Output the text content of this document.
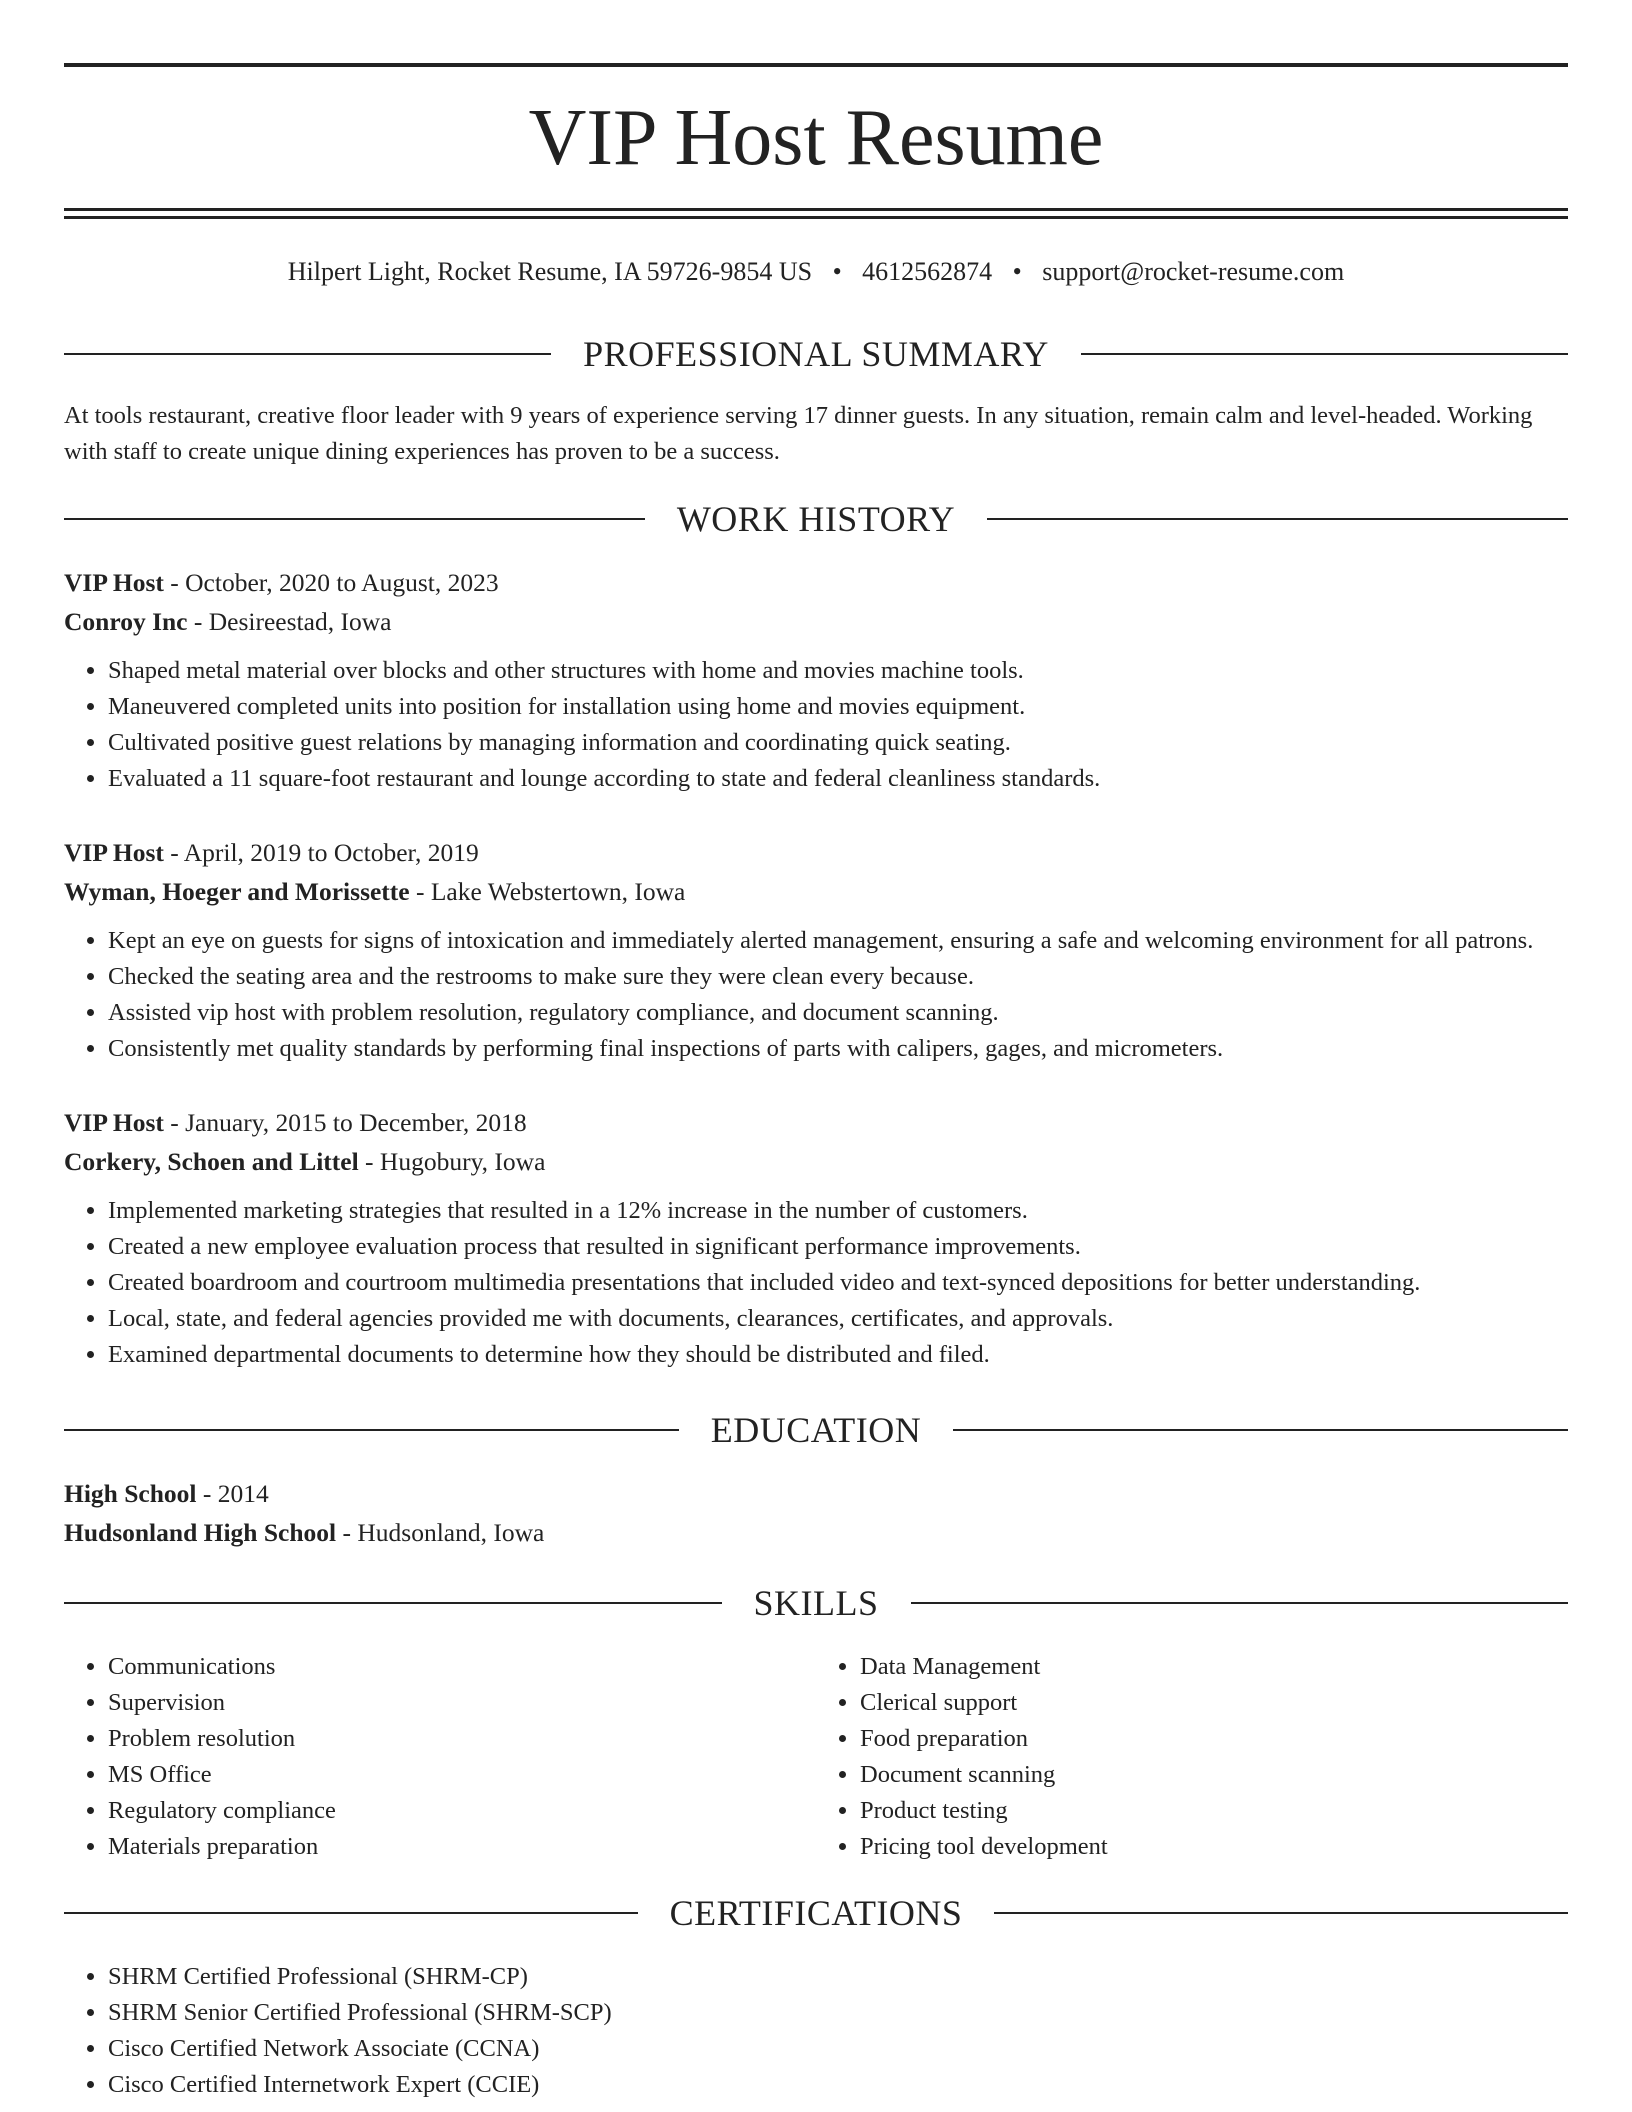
VIP Host Resume
Hilpert Light, Rocket Resume, IA 59726-9854 US • 4612562874 • support@rocket-resume.com
PROFESSIONAL SUMMARY

At tools restaurant, creative floor leader with 9 years of experience serving 17 dinner guests. In any situation, remain calm and level-headed. Working with staff to create unique dining experiences has proven to be a success.

WORK HISTORY

VIP Host - October, 2020 to August, 2023

Conroy Inc - Desireestad, Iowa

• Shaped metal material over blocks and other structures with home and movies machine tools.
• Maneuvered completed units into position for installation using home and movies equipment.
• Cultivated positive guest relations by managing information and coordinating quick seating.
• Evaluated a 11 square-foot restaurant and lounge according to state and federal cleanliness standards.

VIP Host - April, 2019 to October, 2019

Wyman, Hoeger and Morissette - Lake Webstertown, Iowa

• Kept an eye on guests for signs of intoxication and immediately alerted management, ensuring a safe and welcoming environment for all patrons.
• Checked the seating area and the restrooms to make sure they were clean every because.
• Assisted vip host with problem resolution, regulatory compliance, and document scanning.
• Consistently met quality standards by performing final inspections of parts with calipers, gages, and micrometers.

VIP Host - January, 2015 to December, 2018

Corkery, Schoen and Littel - Hugobury, Iowa

• Implemented marketing strategies that resulted in a 12% increase in the number of customers.
• Created a new employee evaluation process that resulted in significant performance improvements.
• Created boardroom and courtroom multimedia presentations that included video and text-synced depositions for better understanding.
• Local, state, and federal agencies provided me with documents, clearances, certificates, and approvals.
• Examined departmental documents to determine how they should be distributed and filed.
EDUCATION

High School - 2014

Hudsonland High School - Hudsonland, Iowa

SKILLS
• Communications
• Supervision
• Problem resolution
• MS Office
• Regulatory compliance
• Materials preparation
• Data Management
• Clerical support
• Food preparation
• Document scanning
• Product testing
• Pricing tool development
CERTIFICATIONS
• SHRM Certified Professional (SHRM-CP)
• SHRM Senior Certified Professional (SHRM-SCP)
• Cisco Certified Network Associate (CCNA)
• Cisco Certified Internetwork Expert (CCIE)
